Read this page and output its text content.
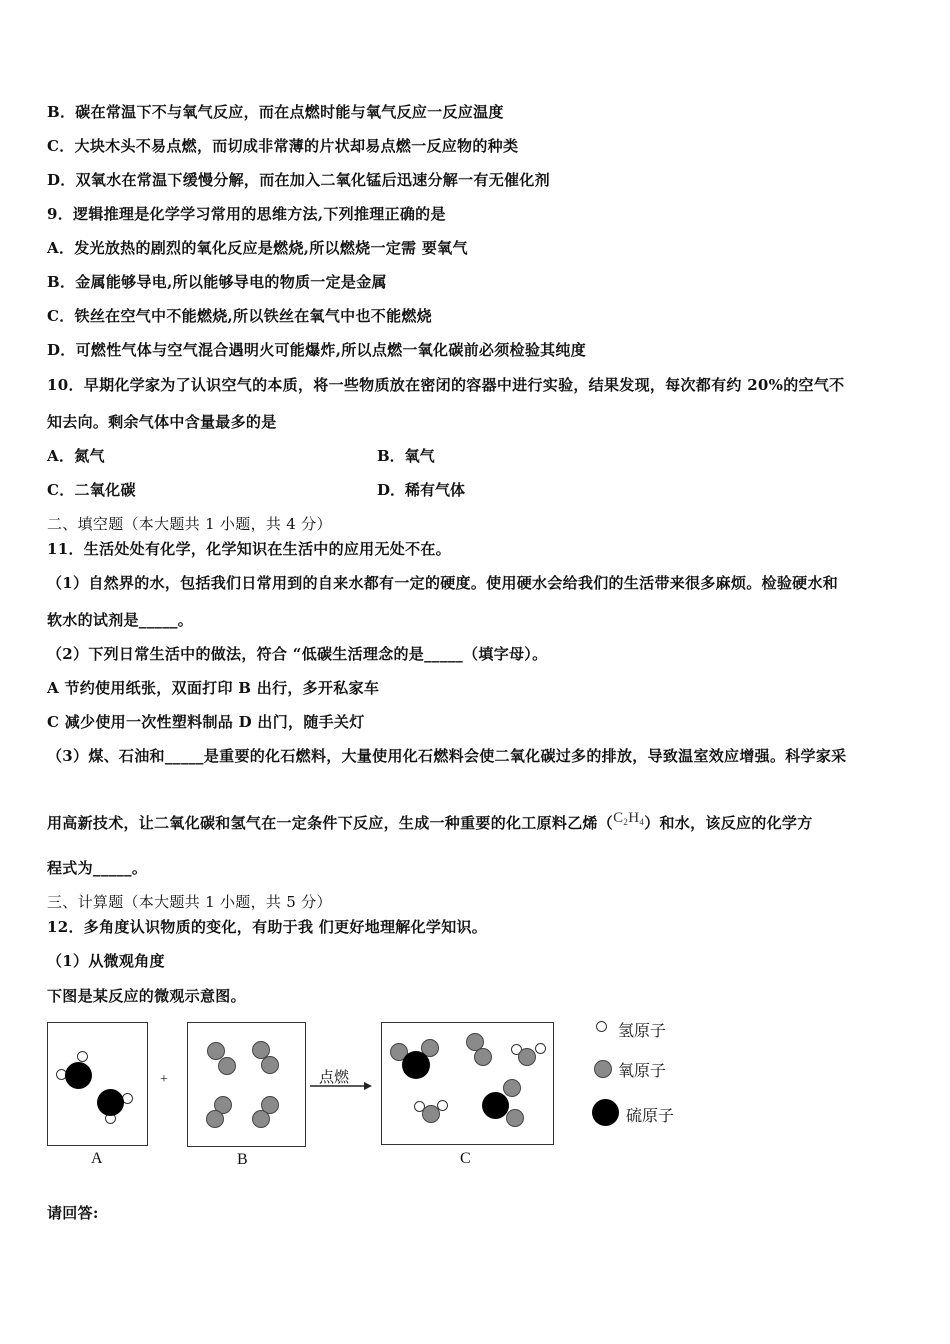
B．碳在常温下不与氧气反应，而在点燃时能与氧气反应一反应温度
C．大块木头不易点燃，而切成非常薄的片状却易点燃一反应物的种类
D．双氧水在常温下缓慢分解，而在加入二氧化锰后迅速分解一有无催化剂
9．逻辑推理是化学学习常用的思维方法,下列推理正确的是
A．发光放热的剧烈的氧化反应是燃烧,所以燃烧一定需 要氧气
B．金属能够导电,所以能够导电的物质一定是金属
C．铁丝在空气中不能燃烧,所以铁丝在氧气中也不能燃烧
D．可燃性气体与空气混合遇明火可能爆炸,所以点燃一氧化碳前必须检验其纯度
10．早期化学家为了认识空气的本质，将一些物质放在密闭的容器中进行实验，结果发现，每次都有约 20%的空气不
知去向。剩余气体中含量最多的是
A．氮气	B．氧气
C．二氧化碳	D．稀有气体
二、填空题（本大题共 1 小题，共 4 分）
11．生活处处有化学，化学知识在生活中的应用无处不在。
（1）自然界的水，包括我们日常用到的自来水都有一定的硬度。使用硬水会给我们的生活带来很多麻烦。检验硬水和
软水的试剂是_____。
（2）下列日常生活中的做法，符合 “低碳生活理念的是_____（填字母）。
A 节约使用纸张，双面打印 B 出行，多开私家车
C 减少使用一次性塑料制品 D 出门，随手关灯
（3）煤、石油和_____是重要的化石燃料，大量使用化石燃料会使二氧化碳过多的排放，导致温室效应增强。科学家采
用高新技术，让二氧化碳和氢气在一定条件下反应，生成一种重要的化工原料乙烯$(C_2H_4)$和水，该反应的化学方
程式为_____。
三、计算题（本大题共 1 小题，共 5 分）
12．多角度认识物质的变化，有助于我 们更好地理解化学知识。
（1）从微观角度
下图是某反应的微观示意图。
请回答:
A
+
B
点燃
C
氢原子
氧原子
硫原子
